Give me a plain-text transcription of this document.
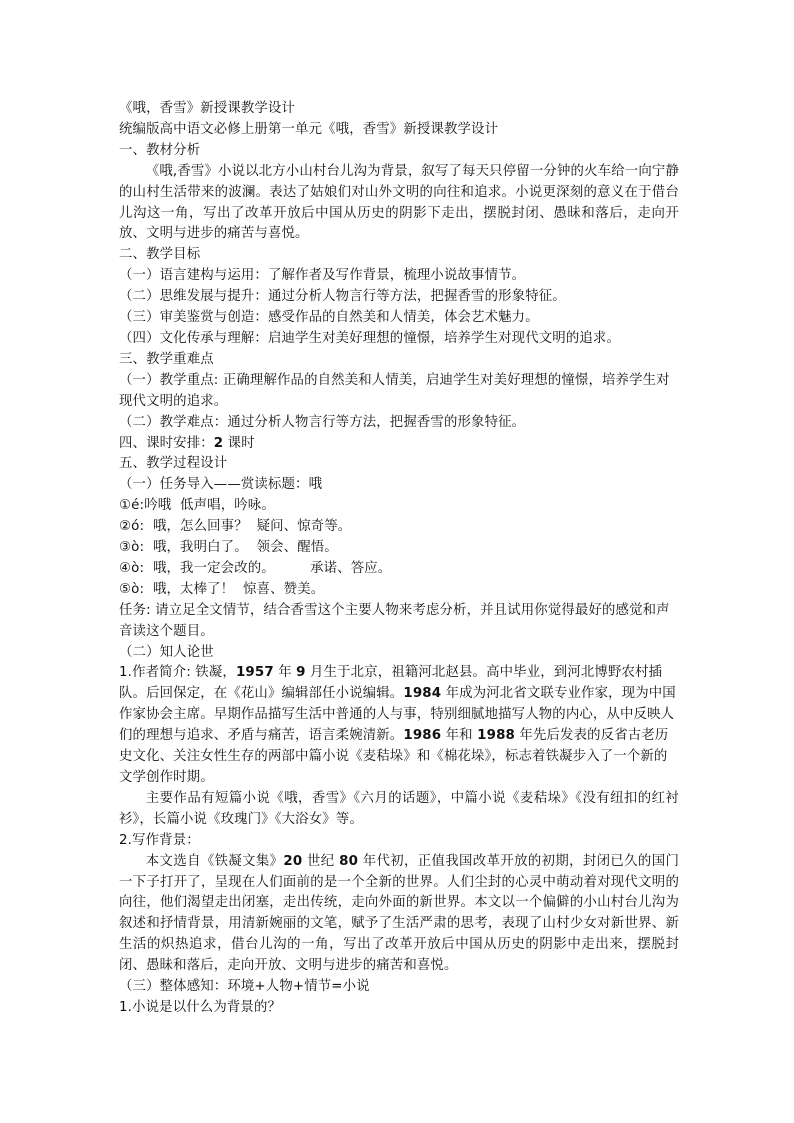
《哦，香雪》新授课教学设计

统编版高中语文必修上册第一单元《哦，香雪》新授课教学设计

一、教材分析

《哦,香雪》小说以北方小山村台儿沟为背景，叙写了每天只停留一分钟的火车给一向宁静的山村生活带来的波澜。表达了姑娘们对山外文明的向往和追求。小说更深刻的意义在于借台儿沟这一角，写出了改革开放后中国从历史的阴影下走出，摆脱封闭、愚昧和落后，走向开放、文明与进步的痛苦与喜悦。

二、教学目标

（一）语言建构与运用：了解作者及写作背景，梳理小说故事情节。

（二）思维发展与提升：通过分析人物言行等方法，把握香雪的形象特征。

（三）审美鉴赏与创造：感受作品的自然美和人情美，体会艺术魅力。

（四）文化传承与理解：启迪学生对美好理想的憧憬，培养学生对现代文明的追求。

三、教学重难点

（一）教学重点: 正确理解作品的自然美和人情美，启迪学生对美好理想的憧憬，培养学生对现代文明的追求。

（二）教学难点：通过分析人物言行等方法，把握香雪的形象特征。

四、课时安排：2 课时

五、教学过程设计

（一）任务导入——赏读标题：哦

①é:吟哦  低声唱，吟咏。

②ó:  哦，怎么回事？  疑问、惊奇等。

③ò:  哦，我明白了。  领会、醒悟。

④ò:  哦，我一定会改的。        承诺、答应。

⑤ò:  哦，太棒了！  惊喜、赞美。

任务: 请立足全文情节，结合香雪这个主要人物来考虑分析，并且试用你觉得最好的感觉和声音读这个题目。

（二）知人论世

1.作者简介: 铁凝，1957 年 9 月生于北京，祖籍河北赵县。高中毕业，到河北博野农村插队。后回保定，在《花山》编辑部任小说编辑。1984 年成为河北省文联专业作家，现为中国作家协会主席。早期作品描写生活中普通的人与事，特别细腻地描写人物的内心，从中反映人们的理想与追求、矛盾与痛苦，语言柔婉清新。1986 年和 1988 年先后发表的反省古老历史文化、关注女性生存的两部中篇小说《麦秸垛》和《棉花垛》，标志着铁凝步入了一个新的文学创作时期。

主要作品有短篇小说《哦，香雪》《六月的话题》，中篇小说《麦秸垛》《没有纽扣的红衬衫》，长篇小说《玫瑰门》《大浴女》等。

2.写作背景：

本文选自《铁凝文集》20 世纪 80 年代初，正值我国改革开放的初期，封闭已久的国门一下子打开了，呈现在人们面前的是一个全新的世界。人们尘封的心灵中萌动着对现代文明的向往，他们渴望走出闭塞，走出传统，走向外面的新世界。本文以一个偏僻的小山村台儿沟为叙述和抒情背景，用清新婉丽的文笔，赋予了生活严肃的思考，表现了山村少女对新世界、新生活的炽热追求，借台儿沟的一角，写出了改革开放后中国从历史的阴影中走出来，摆脱封闭、愚昧和落后，走向开放、文明与进步的痛苦和喜悦。

（三）整体感知：环境+人物+情节=小说

1.小说是以什么为背景的？
